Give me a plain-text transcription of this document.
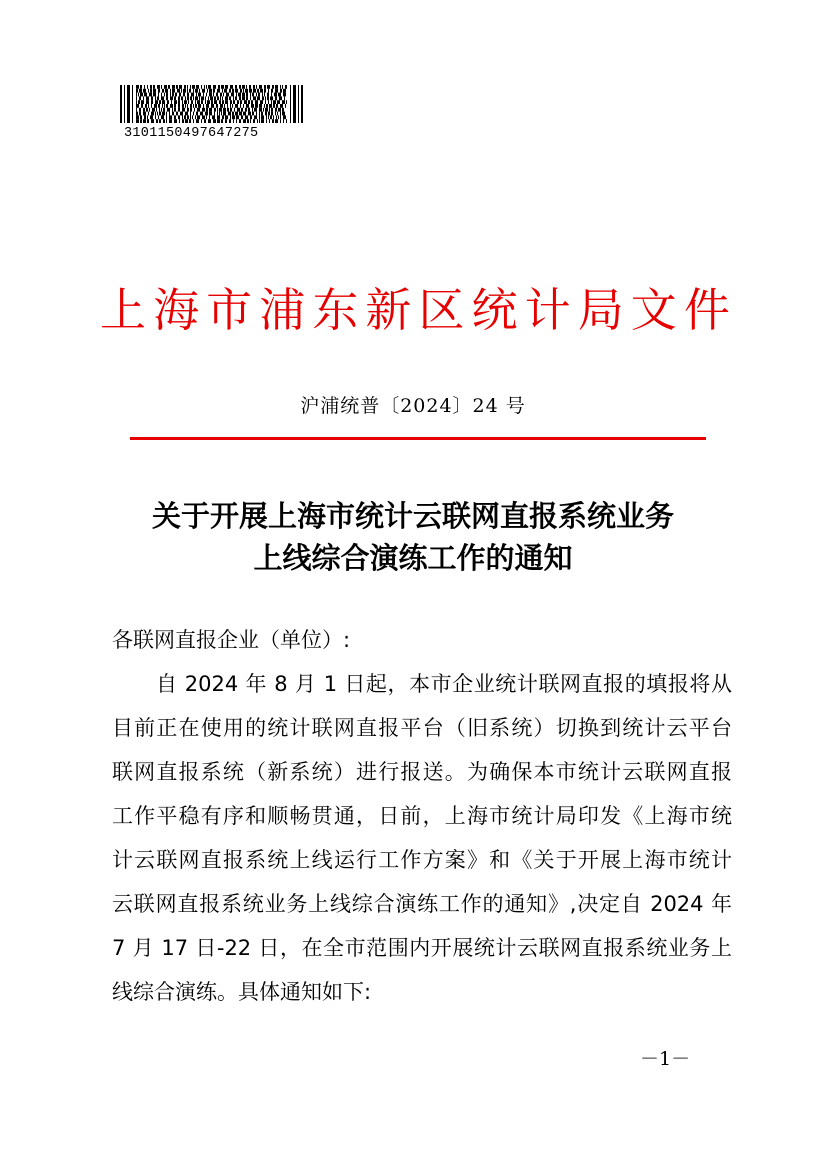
3101150497647275
上 海 市 浦 东 新 区 统 计 局 文 件
沪浦统普〔2024〕24 号
关于开展上海市统计云联网直报系统业务
上线综合演练工作的通知
各联网直报企业（单位）:
自 2024 年 8 月 1 日起，本市企业统计联网直报的填报将从
目前正在使用的统计联网直报平台（旧系统）切换到统计云平台
联网直报系统（新系统）进行报送。为确保本市统计云联网直报
工作平稳有序和顺畅贯通，日前，上海市统计局印发《上海市统
计云联网直报系统上线运行工作方案》和《关于开展上海市统计
云联网直报系统业务上线综合演练工作的通知》,决定自 2024 年
7 月 17 日-22 日，在全市范围内开展统计云联网直报系统业务上
线综合演练。具体通知如下:
－1－
